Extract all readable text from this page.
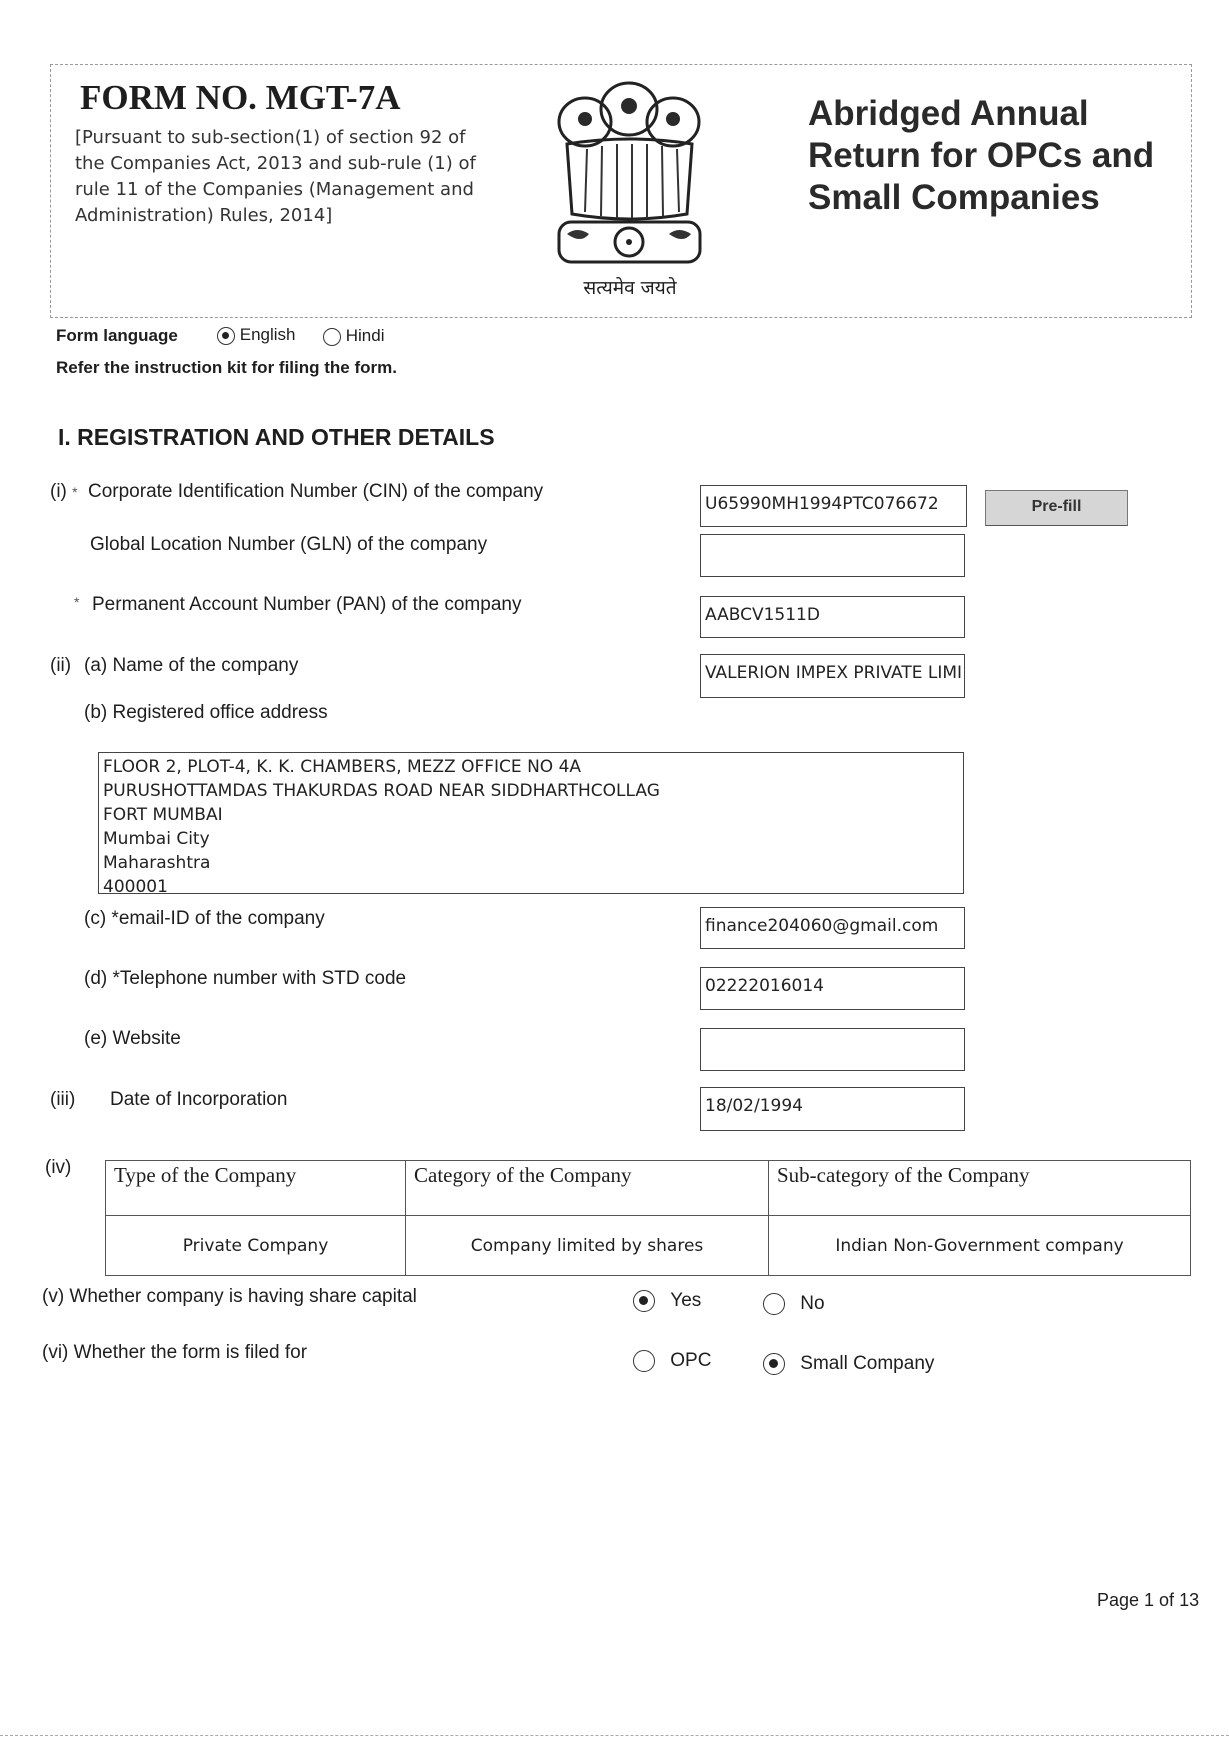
FORM NO. MGT-7A
[Pursuant to sub-section(1) of section 92 of the Companies Act, 2013 and sub-rule (1) of rule 11 of the Companies (Management and Administration) Rules, 2014]
सत्यमेव जयते
Abridged Annual
Return for OPCs and
Small Companies
Form language	English	Hindi
Refer the instruction kit for filing the form.
I. REGISTRATION AND OTHER DETAILS
(i) * Corporate Identification Number (CIN) of the company
U65990MH1994PTC076672	Pre-fill
Global Location Number (GLN) of the company
* Permanent Account Number (PAN) of the company	AABCV1511D
(ii) (a) Name of the company	VALERION IMPEX PRIVATE LIMI
(b) Registered office address
FLOOR 2, PLOT-4, K. K. CHAMBERS, MEZZ OFFICE NO 4A
PURUSHOTTAMDAS THAKURDAS ROAD NEAR SIDDHARTHCOLLAG
FORT MUMBAI
Mumbai City
Maharashtra
400001
(c) *email-ID of the company	finance204060@gmail.com
(d) *Telephone number with STD code	02222016014
(e) Website
(iii) Date of Incorporation	18/02/1994
(iv) Type of the Company	Category of the Company	Sub-category of the Company
Private Company	Company limited by shares	Indian Non-Government company
(v) Whether company is having share capital	Yes	No
(vi) Whether the form is filed for	OPC	Small Company
Page 1 of 13
